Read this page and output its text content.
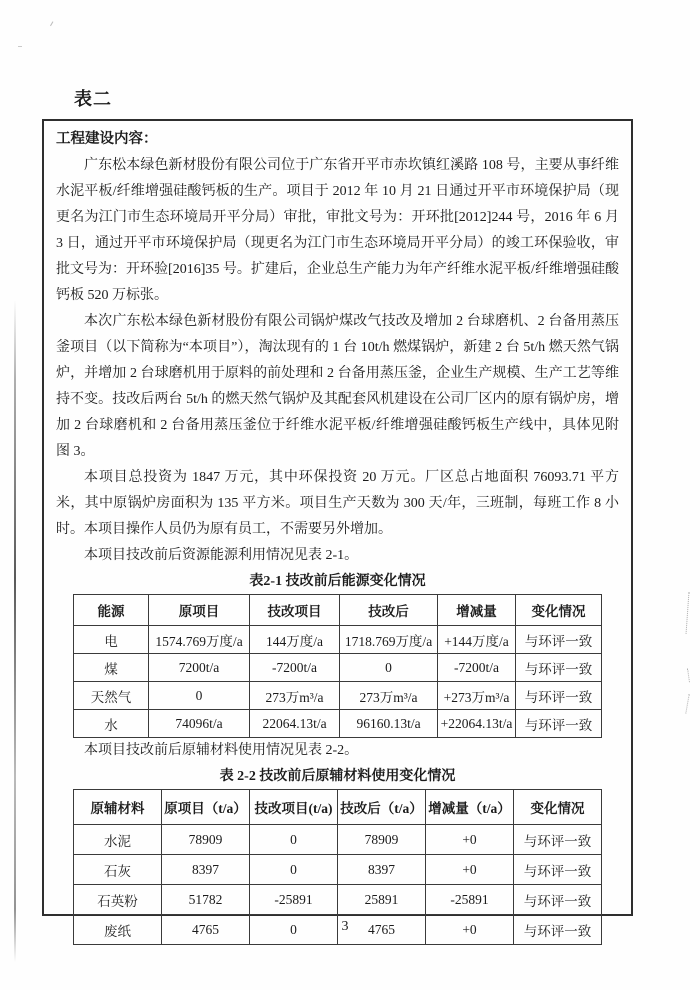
表二
工程建设内容：

广东松本绿色新材股份有限公司位于广东省开平市赤坎镇红溪路 108 号，主要从事纤维水泥平板/纤维增强硅酸钙板的生产。项目于 2012 年 10 月 21 日通过开平市环境保护局（现更名为江门市生态环境局开平分局）审批，审批文号为：开环批[2012]244 号，2016 年 6 月 3 日，通过开平市环境保护局（现更名为江门市生态环境局开平分局）的竣工环保验收，审批文号为：开环验[2016]35 号。扩建后，企业总生产能力为年产纤维水泥平板/纤维增强硅酸钙板 520 万标张。

本次广东松本绿色新材股份有限公司锅炉煤改气技改及增加 2 台球磨机、2 台备用蒸压釜项目（以下简称为“本项目”），淘汰现有的 1 台 10t/h 燃煤锅炉，新建 2 台 5t/h 燃天然气锅炉，并增加 2 台球磨机用于原料的前处理和 2 台备用蒸压釜，企业生产规模、生产工艺等维持不变。技改后两台 5t/h 的燃天然气锅炉及其配套风机建设在公司厂区内的原有锅炉房，增加 2 台球磨机和 2 台备用蒸压釜位于纤维水泥平板/纤维增强硅酸钙板生产线中，具体见附图 3。

本项目总投资为 1847 万元，其中环保投资 20 万元。厂区总占地面积 76093.71 平方米，其中原锅炉房面积为 135 平方米。项目生产天数为 300 天/年，三班制，每班工作 8 小时。本项目操作人员仍为原有员工，不需要另外增加。

本项目技改前后资源能源利用情况见表 2-1。

表2-1 技改前后能源变化情况
能源	原项目	技改项目	技改后	增减量	变化情况
电	1574.769万度/a	144万度/a	1718.769万度/a	+144万度/a	与环评一致
煤	7200t/a	-7200t/a	0	-7200t/a	与环评一致
天然气	0	273万m³/a	273万m³/a	+273万m³/a	与环评一致
水	74096t/a	22064.13t/a	96160.13t/a	+22064.13t/a	与环评一致

本项目技改前后原辅材料使用情况见表 2-2。

表 2-2 技改前后原辅材料使用变化情况
原辅材料	原项目（t/a）	技改项目(t/a)	技改后（t/a）	增减量（t/a）	变化情况
水泥	78909	0	78909	+0	与环评一致
石灰	8397	0	8397	+0	与环评一致
石英粉	51782	-25891	25891	-25891	与环评一致
废纸	4765	0	4765	+0	与环评一致
3
